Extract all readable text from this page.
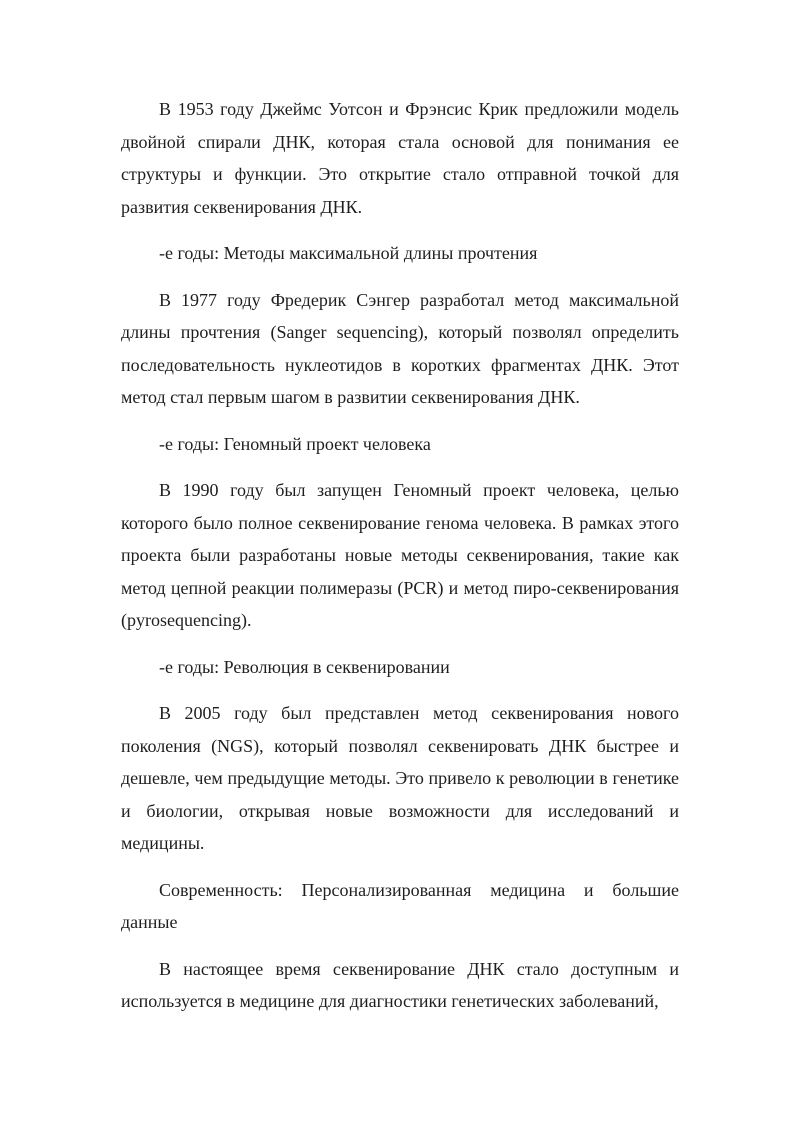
В 1953 году Джеймс Уотсон и Фрэнсис Крик предложили модель двойной спирали ДНК, которая стала основой для понимания ее структуры и функции. Это открытие стало отправной точкой для развития секвенирования ДНК.

-е годы: Методы максимальной длины прочтения

В 1977 году Фредерик Сэнгер разработал метод максимальной длины прочтения (Sanger sequencing), который позволял определить последовательность нуклеотидов в коротких фрагментах ДНК. Этот метод стал первым шагом в развитии секвенирования ДНК.

-е годы: Геномный проект человека

В 1990 году был запущен Геномный проект человека, целью которого было полное секвенирование генома человека. В рамках этого проекта были разработаны новые методы секвенирования, такие как метод цепной реакции полимеразы (PCR) и метод пиро-секвенирования (pyrosequencing).

-е годы: Революция в секвенировании

В 2005 году был представлен метод секвенирования нового поколения (NGS), который позволял секвенировать ДНК быстрее и дешевле, чем предыдущие методы. Это привело к революции в генетике и биологии, открывая новые возможности для исследований и медицины.

Современность: Персонализированная медицина и большие данные

В настоящее время секвенирование ДНК стало доступным и используется в медицине для диагностики генетических заболеваний,
